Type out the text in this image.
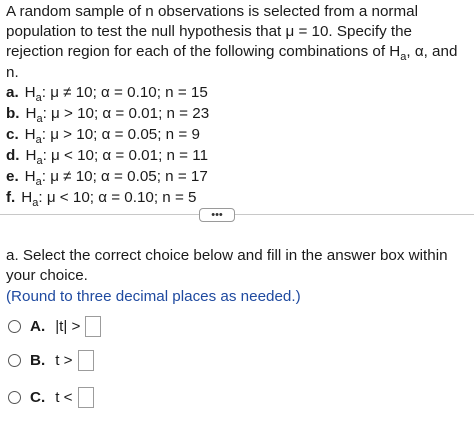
A random sample of n observations is selected from a normal population to test the null hypothesis that μ = 10. Specify the rejection region for each of the following combinations of $H_a$, α, and n.

a. $H_a$: μ ≠ 10; α = 0.10; n = 15
b. $H_a$: μ > 10; α = 0.01; n = 23
c. $H_a$: μ > 10; α = 0.05; n = 9
d. $H_a$: μ < 10; α = 0.01; n = 11
e. $H_a$: μ ≠ 10; α = 0.05; n = 17
f. $H_a$: μ < 10; α = 0.10; n = 5
•••
a. Select the correct choice below and fill in the answer box within your choice.
(Round to three decimal places as needed.)
A. |t| >
B. t >
C. t <
